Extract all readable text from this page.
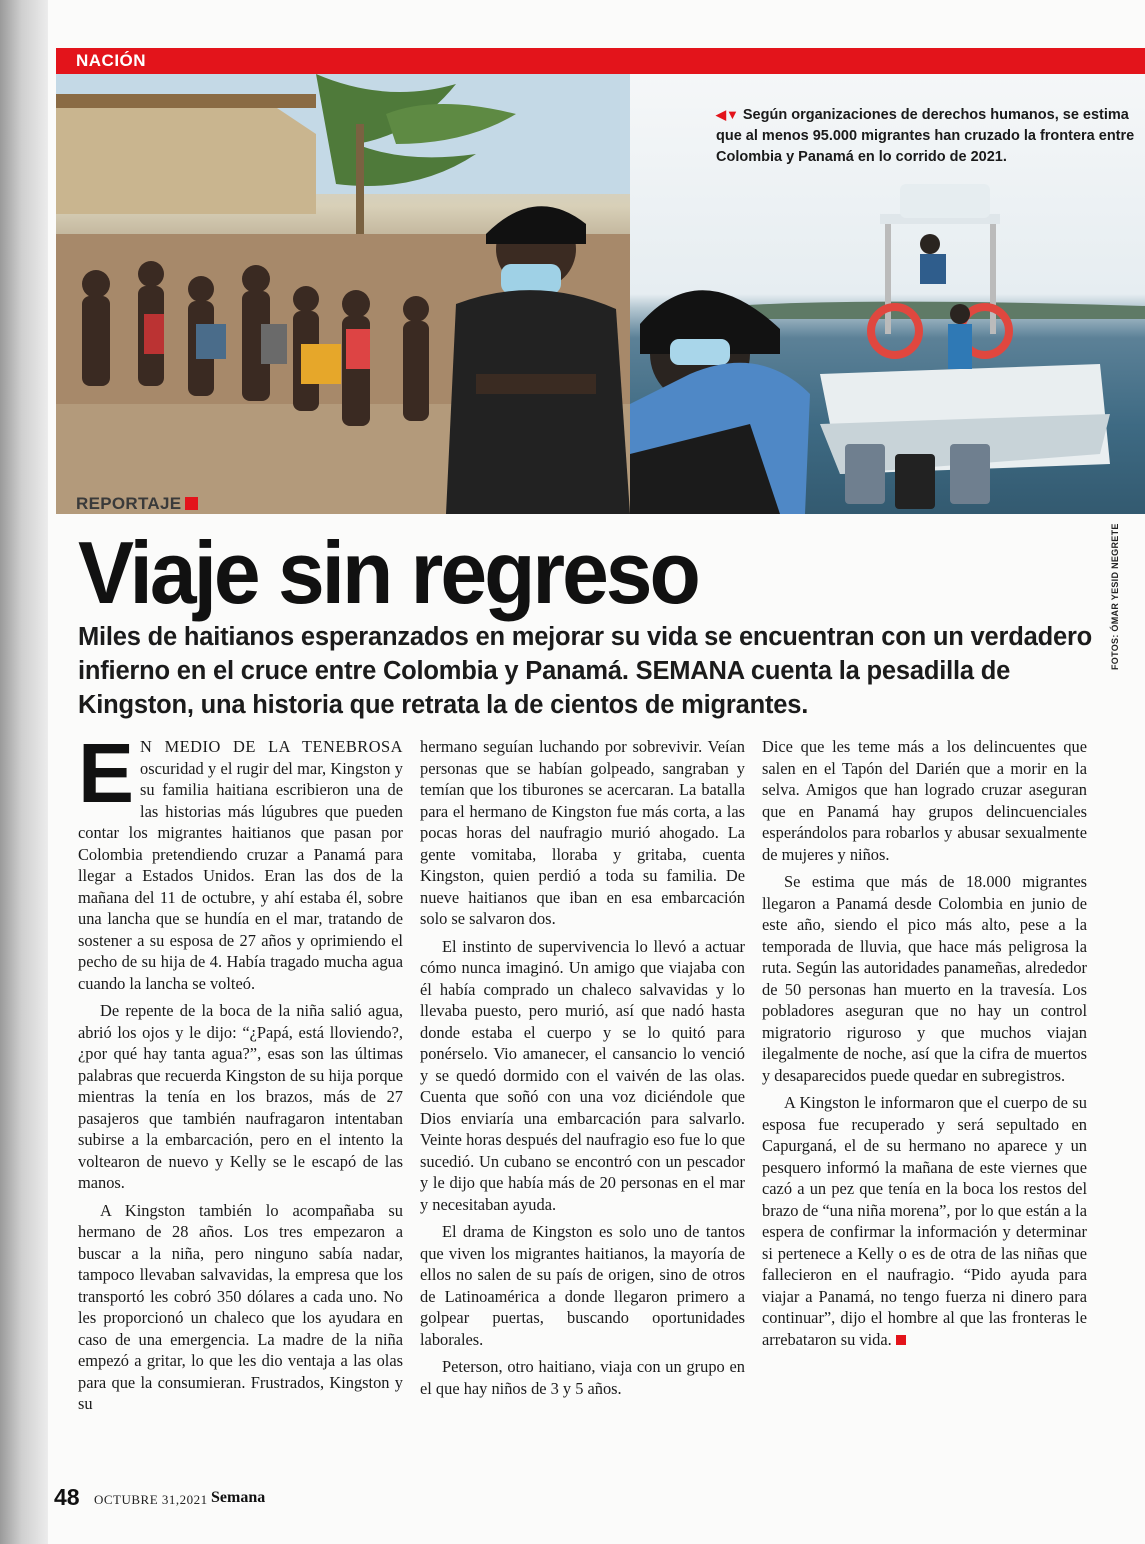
NACIÓN
◀▼ Según organizaciones de derechos humanos, se estima que al menos 95.000 migrantes han cruzado la frontera entre Colombia y Panamá en lo corrido de 2021.
REPORTAJE
FOTOS: ÓMAR YESID NEGRETE
Viaje sin regreso
Miles de haitianos esperanzados en mejorar su vida se encuentran con un verdadero infierno en el cruce entre Colombia y Panamá. SEMANA cuenta la pesadilla de Kingston, una historia que retrata la de cientos de migrantes.

E N MEDIO DE LA TENEBROSA oscuridad y el rugir del mar, Kingston y su familia haitiana escribieron una de las historias más lúgubres que pueden contar los migrantes haitianos que pasan por Colombia pretendiendo cruzar a Panamá para llegar a Estados Unidos. Eran las dos de la mañana del 11 de octubre, y ahí estaba él, sobre una lancha que se hundía en el mar, tratando de sostener a su esposa de 27 años y oprimiendo el pecho de su hija de 4. Había tragado mucha agua cuando la lancha se volteó.

De repente de la boca de la niña salió agua, abrió los ojos y le dijo: “¿Papá, está lloviendo?, ¿por qué hay tanta agua?”, esas son las últimas palabras que recuerda Kingston de su hija porque mientras la tenía en los brazos, más de 27 pasajeros que también naufragaron intentaban subirse a la embarcación, pero en el intento la voltearon de nuevo y Kelly se le escapó de las manos.

A Kingston también lo acompañaba su hermano de 28 años. Los tres empezaron a buscar a la niña, pero ninguno sabía nadar, tampoco llevaban salvavidas, la empresa que los transportó les cobró 350 dólares a cada uno. No les proporcionó un chaleco que los ayudara en caso de una emergencia. La madre de la niña empezó a gritar, lo que les dio ventaja a las olas para que la consumieran. Frustrados, Kingston y su

hermano seguían luchando por sobrevivir. Veían personas que se habían golpeado, sangraban y temían que los tiburones se acercaran. La batalla para el hermano de Kingston fue más corta, a las pocas horas del naufragio murió ahogado. La gente vomitaba, lloraba y gritaba, cuenta Kingston, quien perdió a toda su familia. De nueve haitianos que iban en esa embarcación solo se salvaron dos.

El instinto de supervivencia lo llevó a actuar cómo nunca imaginó. Un amigo que viajaba con él había comprado un chaleco salvavidas y lo llevaba puesto, pero murió, así que nadó hasta donde estaba el cuerpo y se lo quitó para ponérselo. Vio amanecer, el cansancio lo venció y se quedó dormido con el vaivén de las olas. Cuenta que soñó con una voz diciéndole que Dios enviaría una embarcación para salvarlo. Veinte horas después del naufragio eso fue lo que sucedió. Un cubano se encontró con un pescador y le dijo que había más de 20 personas en el mar y necesitaban ayuda.

El drama de Kingston es solo uno de tantos que viven los migrantes haitianos, la mayoría de ellos no salen de su país de origen, sino de otros de Latinoamérica a donde llegaron primero a golpear puertas, buscando oportunidades laborales.

Peterson, otro haitiano, viaja con un grupo en el que hay niños de 3 y 5 años.

Dice que les teme más a los delincuentes que salen en el Tapón del Darién que a morir en la selva. Amigos que han logrado cruzar aseguran que en Panamá hay grupos delincuenciales esperándolos para robarlos y abusar sexualmente de mujeres y niños.

Se estima que más de 18.000 migrantes llegaron a Panamá desde Colombia en junio de este año, siendo el pico más alto, pese a la temporada de lluvia, que hace más peligrosa la ruta. Según las autoridades panameñas, alrededor de 50 personas han muerto en la travesía. Los pobladores aseguran que no hay un control migratorio riguroso y que muchos viajan ilegalmente de noche, así que la cifra de muertos y desaparecidos puede quedar en subregistros.

A Kingston le informaron que el cuerpo de su esposa fue recuperado y será sepultado en Capurganá, el de su hermano no aparece y un pesquero informó la mañana de este viernes que cazó a un pez que tenía en la boca los restos del brazo de “una niña morena”, por lo que están a la espera de confirmar la información y determinar si pertenece a Kelly o es de otra de las niñas que fallecieron en el naufragio. “Pido ayuda para viajar a Panamá, no tengo fuerza ni dinero para continuar”, dijo el hombre al que las fronteras le arrebataron su vida.

48 OCTUBRE 31,2021 Semana
